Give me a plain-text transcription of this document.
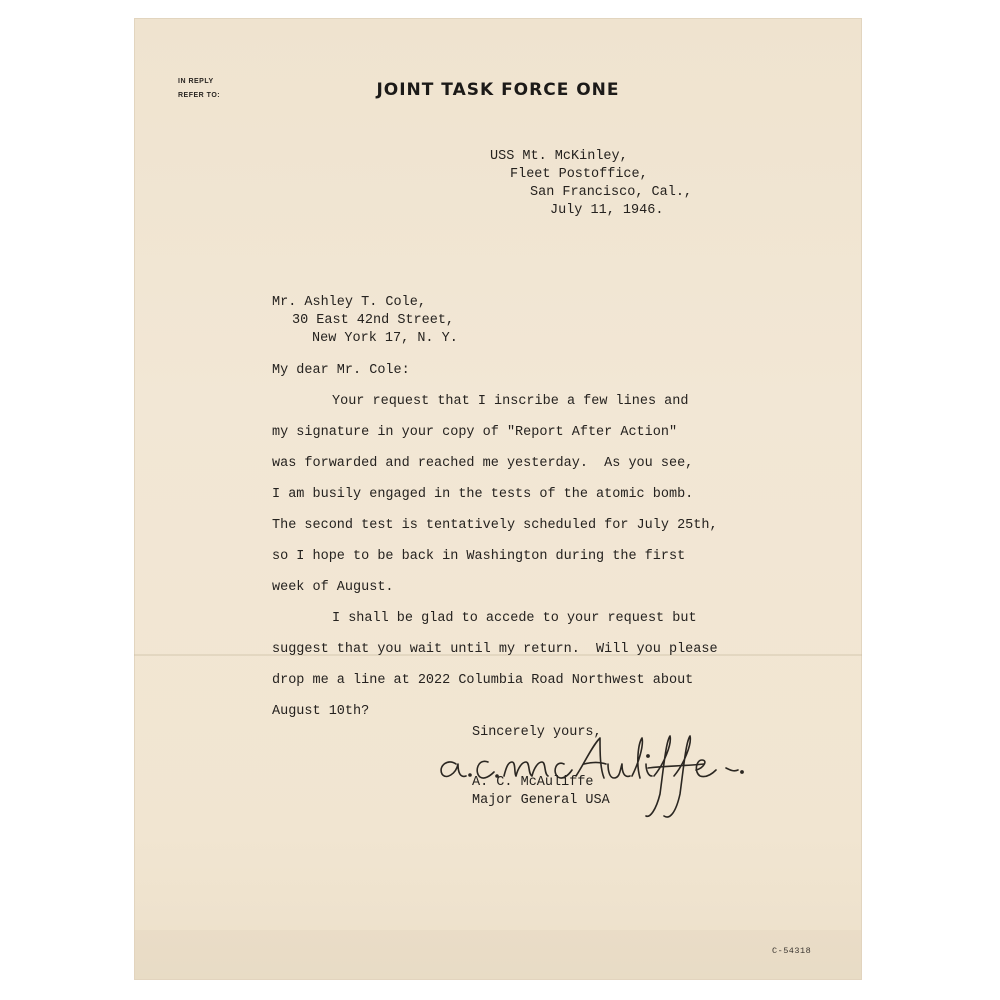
IN REPLY
REFER TO:	JOINT TASK FORCE ONE
USS Mt. McKinley,
Fleet Postoffice,
San Francisco, Cal.,
July 11, 1946.
Mr. Ashley T. Cole,
30 East 42nd Street,
New York 17, N. Y.
My dear Mr. Cole:
Your request that I inscribe a few lines and
my signature in your copy of "Report After Action"
was forwarded and reached me yesterday.  As you see,
I am busily engaged in the tests of the atomic bomb.
The second test is tentatively scheduled for July 25th,
so I hope to be back in Washington during the first
week of August.
I shall be glad to accede to your request but
suggest that you wait until my return.  Will you please
drop me a line at 2022 Columbia Road Northwest about
August 10th?
Sincerely yours,
A. C. McAuliffe
Major General USA
C-54318
